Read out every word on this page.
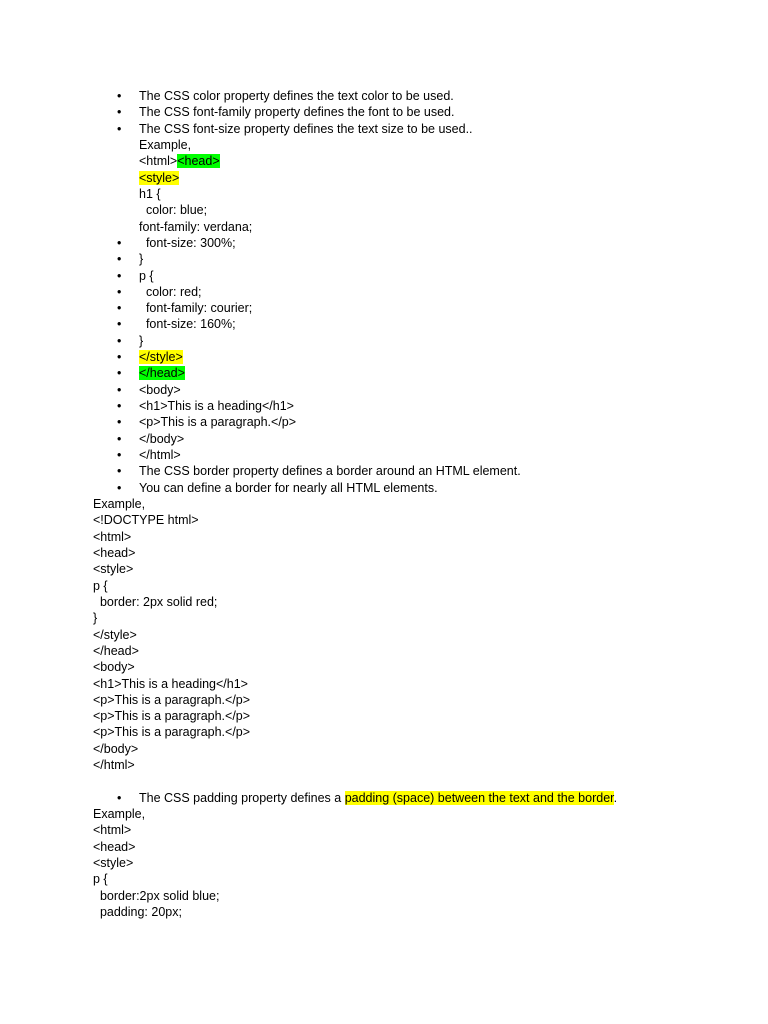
• The CSS color property defines the text color to be used.
• The CSS font-family property defines the font to be used.
• The CSS font-size property defines the text size to be used..
Example,
<html><head>
<style>
h1 {
color: blue;
font-family: verdana;
• font-size: 300%;
• }
• p {
• color: red;
• font-family: courier;
• font-size: 160%;
• }
• </style>
• </head>
• <body>
• <h1>This is a heading</h1>
• <p>This is a paragraph.</p>
• </body>
• </html>
• The CSS border property defines a border around an HTML element.
• You can define a border for nearly all HTML elements.
Example,
<!DOCTYPE html>
<html>
<head>
<style>
p {
border: 2px solid red;
}
</style>
</head>
<body>
<h1>This is a heading</h1>
<p>This is a paragraph.</p>
<p>This is a paragraph.</p>
<p>This is a paragraph.</p>
</body>
</html>
• The CSS padding property defines a padding (space) between the text and the border.
Example,
<html>
<head>
<style>
p {
border:2px solid blue;
padding: 20px;
